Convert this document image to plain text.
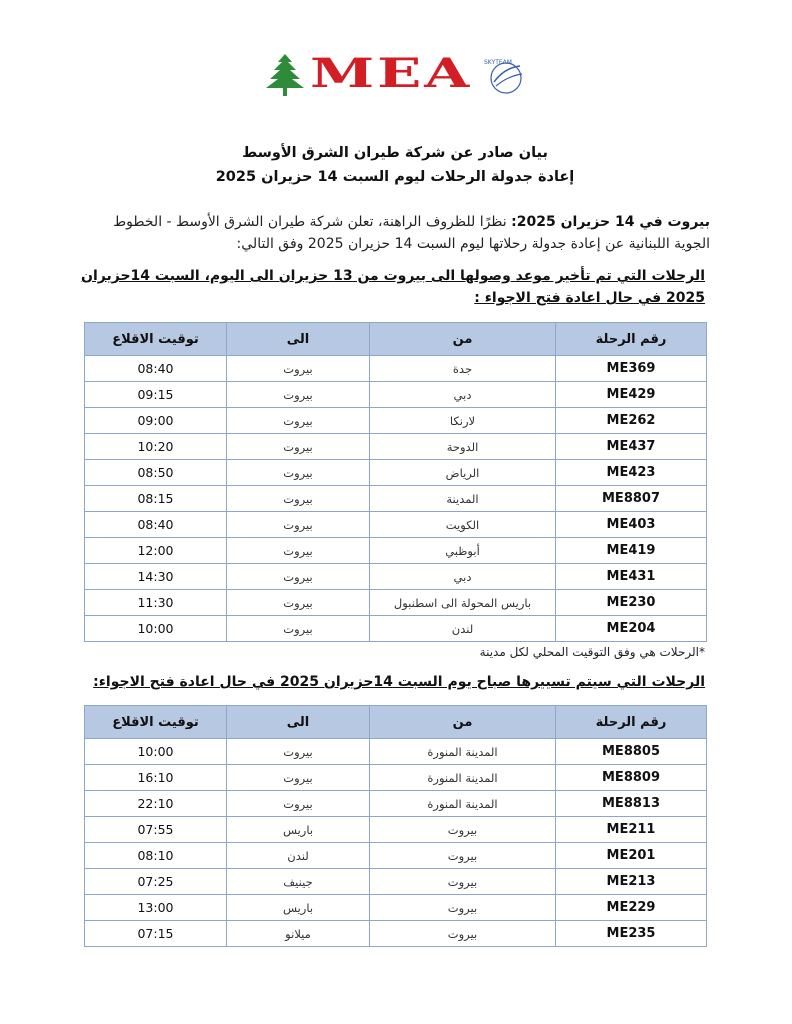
MEA SKYTEAM
بيان صادر عن شركة طيران الشرق الأوسط
إعادة جدولة الرحلات ليوم السبت 14 حزيران 2025
بيروت في 14 حزيران 2025: نظرًا للظروف الراهنة، تعلن شركة طيران الشرق الأوسط - الخطوط الجوية اللبنانية عن إعادة جدولة رحلاتها ليوم السبت 14 حزيران 2025 وفق التالي:
الرحلات التي تم تأخير موعد وصولها الى بيروت من 13 حزيران الى اليوم، السبت 14حزيران 2025 في حال اعادة فتح الاجواء :
رقم الرحلة	من	الى	توقيت الاقلاع
ME369	جدة	بيروت	08:40
ME429	دبي	بيروت	09:15
ME262	لارنكا	بيروت	09:00
ME437	الدوحة	بيروت	10:20
ME423	الرياض	بيروت	08:50
ME8807	المدينة	بيروت	08:15
ME403	الكويت	بيروت	08:40
ME419	أبوظبي	بيروت	12:00
ME431	دبي	بيروت	14:30
ME230	باريس المحولة الى اسطنبول	بيروت	11:30
ME204	لندن	بيروت	10:00
*الرحلات هي وفق التوقيت المحلي لكل مدينة
الرحلات التي سيتم تسييرها صباح يوم السبت 14حزيران 2025 في حال اعادة فتح الاجواء:
رقم الرحلة	من	الى	توقيت الاقلاع
ME8805	المدينة المنورة	بيروت	10:00
ME8809	المدينة المنورة	بيروت	16:10
ME8813	المدينة المنورة	بيروت	22:10
ME211	بيروت	باريس	07:55
ME201	بيروت	لندن	08:10
ME213	بيروت	جينيف	07:25
ME229	بيروت	باريس	13:00
ME235	بيروت	ميلانو	07:15
